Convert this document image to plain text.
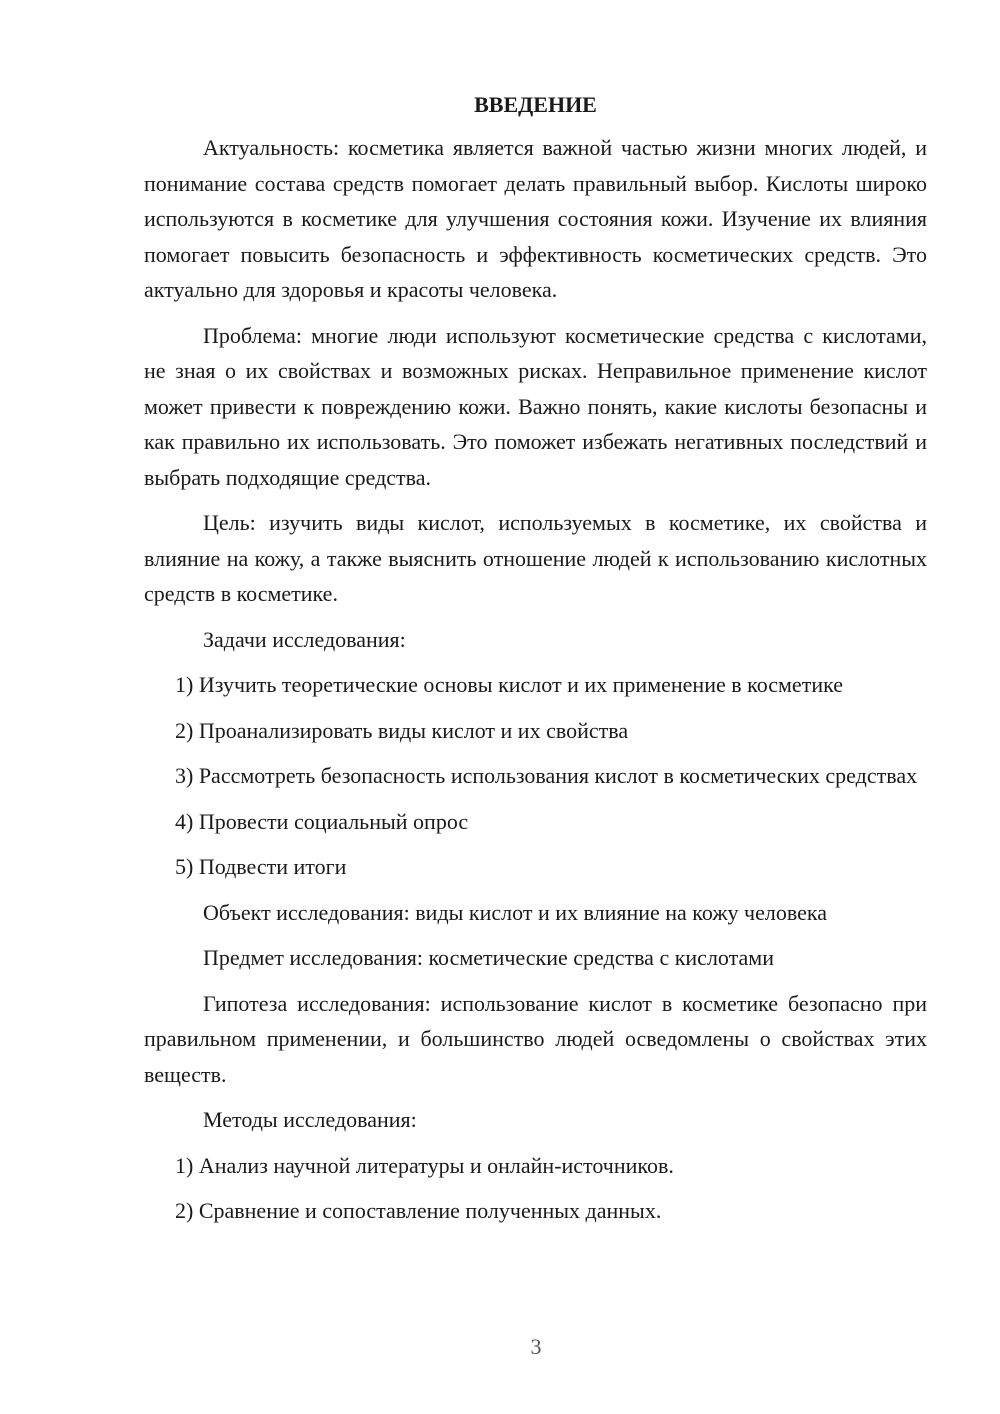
ВВЕДЕНИЕ

Актуальность: косметика является важной частью жизни многих людей, и понимание состава средств помогает делать правильный выбор. Кислоты широко используются в косметике для улучшения состояния кожи. Изучение их влияния помогает повысить безопасность и эффективность косметических средств. Это актуально для здоровья и красоты человека.

Проблема: многие люди используют косметические средства с кислотами, не зная о их свойствах и возможных рисках. Неправильное применение кислот может привести к повреждению кожи. Важно понять, какие кислоты безопасны и как правильно их использовать. Это поможет избежать негативных последствий и выбрать подходящие средства.

Цель: изучить виды кислот, используемых в косметике, их свойства и влияние на кожу, а также выяснить отношение людей к использованию кислотных средств в косметике.

Задачи исследования:

1) Изучить теоретические основы кислот и их применение в косметике

2) Проанализировать виды кислот и их свойства

3) Рассмотреть безопасность использования кислот в косметических средствах

4) Провести социальный опрос

5) Подвести итоги

Объект исследования: виды кислот и их влияние на кожу человека

Предмет исследования: косметические средства с кислотами

Гипотеза исследования: использование кислот в косметике безопасно при правильном применении, и большинство людей осведомлены о свойствах этих веществ.

Методы исследования:

1) Анализ научной литературы и онлайн-источников.

2) Сравнение и сопоставление полученных данных.

3
